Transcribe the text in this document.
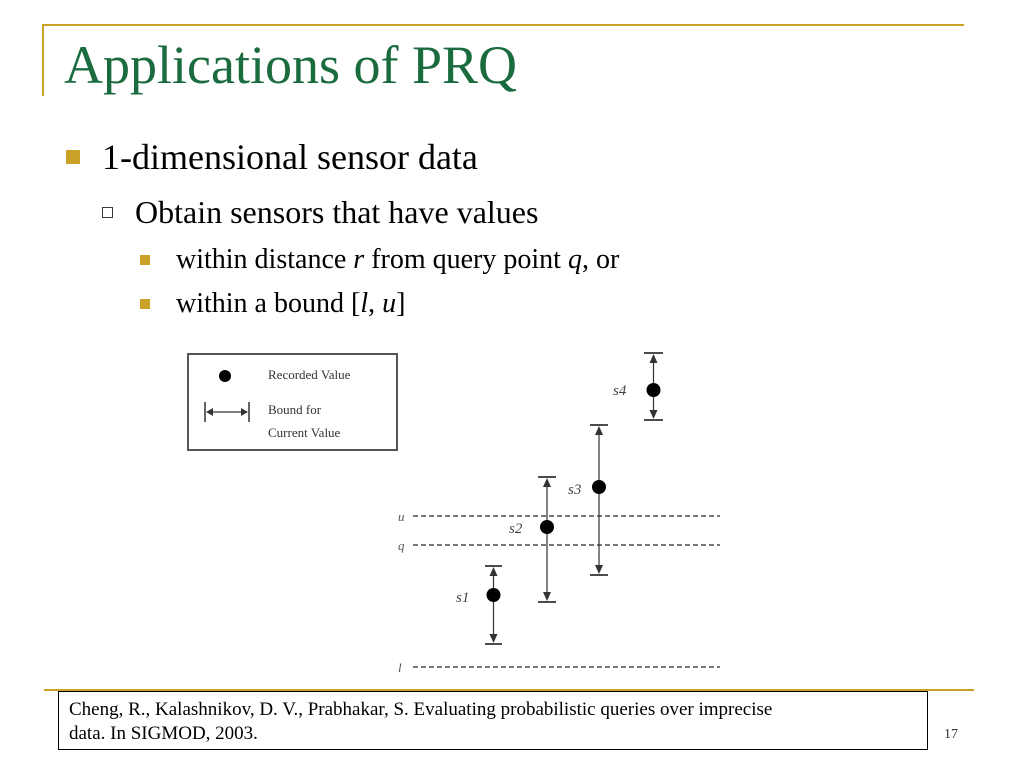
Applications of PRQ
1-dimensional sensor data
Obtain sensors that have values
within distance r from query point q, or
within a bound [l, u]
Recorded Value
Bound for
Current Value
u
q
l
s1
s2
s3
s4
Cheng, R., Kalashnikov, D. V., Prabhakar, S. Evaluating probabilistic queries over imprecise
data. In SIGMOD, 2003.	17
